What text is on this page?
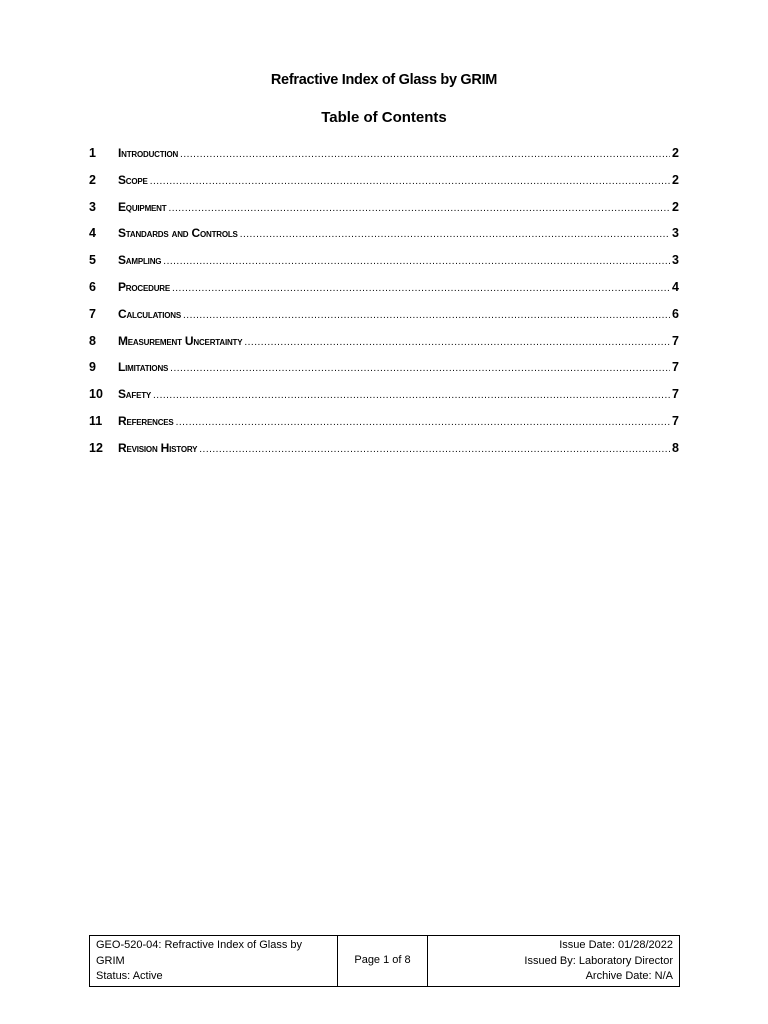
Refractive Index of Glass by GRIM
Table of Contents
1	Introduction .....	2
2	Scope .....	2
3	Equipment .....	2
4	Standards and Controls .....	3
5	Sampling .....	3
6	Procedure .....	4
7	Calculations .....	6
8	Measurement Uncertainty .....	7
9	Limitations .....	7
10	Safety .....	7
11	References .....	7
12	Revision History .....	8
GEO-520-04: Refractive Index of Glass by
GRIM
Status: Active
Page 1 of 8
Issue Date: 01/28/2022
Issued By: Laboratory Director
Archive Date: N/A
